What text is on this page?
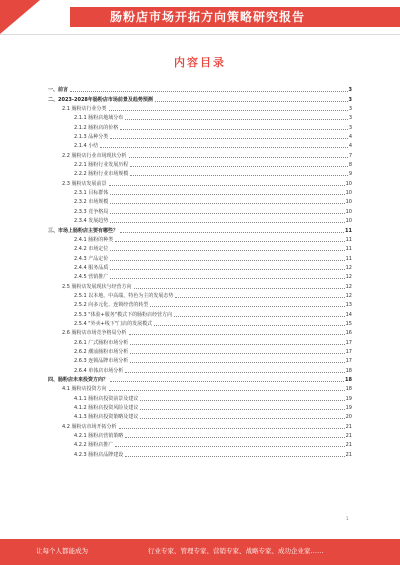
肠粉店市场开拓方向策略研究报告
内容目录
一、前言	3
二、2023-2028年肠粉店市场前景及趋势预测	3
2.1 肠粉店行业分类	3
2.1.1 肠粉店地域分布	3
2.1.2 肠粉店的价格	3
2.1.3 品种分类	4
2.1.4 小结	4
2.2 肠粉店行业市场现状分析	7
2.2.1 肠粉行业发展历程	8
2.2.2 肠粉行业市场规模	9
2.3 肠粉店发展前景	10
2.3.1 目标群体	10
2.3.2 市场规模	10
2.3.3 竞争格局	10
2.3.4 发展趋势	10
三、市场上肠粉店主要有哪些？	11
2.4.1 肠粉的种类	11
2.4.2 市场定位	11
2.4.3 产品定价	11
2.4.4 服务品质	12
2.4.5 营销推广	12
2.5 肠粉店发展现状与经营方向	12
2.5.1 以本地、中高端、特色为主的发展态势	12
2.5.2 向多元化、连锁经营的转型	13
2.5.3 "体验+服务"模式下的肠粉店经营方向	14
2.5.4 "外卖+线下"门店的发展模式	15
2.6 肠粉店市场竞争格局分析	16
2.6.1 广式肠粉市场分析	17
2.6.2 潮汕肠粉市场分析	17
2.6.3 连锁品牌市场分析	17
2.6.4 单体店市场分析	18
四、肠粉店未来投资方向？	18
4.1 肠粉店投资方向	18
4.1.1 肠粉店投资前景及建议	19
4.1.2 肠粉店投资风险及建议	19
4.1.3 肠粉店投资策略及建议	20
4.2 肠粉店市场开拓分析	21
4.2.1 肠粉店营销策略	21
4.2.2 肠粉店推广	21
4.2.3 肠粉店品牌建设	21
1
让每个人都能成为	行业专家、管理专家、营销专家、战略专家、成功企业家……
